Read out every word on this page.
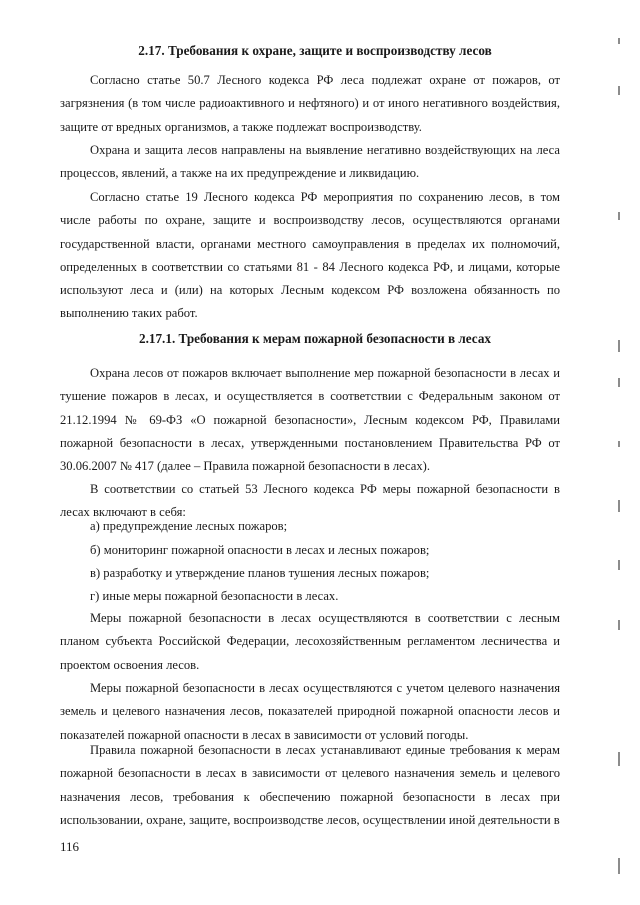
2.17. Требования к охране, защите и воспроизводству лесов

Согласно статье 50.7 Лесного кодекса РФ леса подлежат охране от пожаров, от загрязнения (в том числе радиоактивного и нефтяного) и от иного негативного воздействия, защите от вредных организмов, а также подлежат воспроизводству.

Охрана и защита лесов направлены на выявление негативно воздействующих на леса процессов, явлений, а также на их предупреждение и ликвидацию.

Согласно статье 19 Лесного кодекса РФ мероприятия по сохранению лесов, в том числе работы по охране, защите и воспроизводству лесов, осуществляются органами государственной власти, органами местного самоуправления в пределах их полномочий, определенных в соответствии со статьями 81 - 84 Лесного кодекса РФ, и лицами, которые используют леса и (или) на которых Лесным кодексом РФ возложена обязанность по выполнению таких работ.

2.17.1. Требования к мерам пожарной безопасности в лесах

Охрана лесов от пожаров включает выполнение мер пожарной безопасности в лесах и тушение пожаров в лесах, и осуществляется в соответствии с Федеральным законом от 21.12.1994 № 69-ФЗ «О пожарной безопасности», Лесным кодексом РФ, Правилами пожарной безопасности в лесах, утвержденными постановлением Правительства РФ от 30.06.2007 № 417 (далее – Правила пожарной безопасности в лесах).

В соответствии со статьей 53 Лесного кодекса РФ меры пожарной безопасности в лесах включают в себя:

а) предупреждение лесных пожаров;

б) мониторинг пожарной опасности в лесах и лесных пожаров;

в) разработку и утверждение планов тушения лесных пожаров;

г) иные меры пожарной безопасности в лесах.

Меры пожарной безопасности в лесах осуществляются в соответствии с лесным планом субъекта Российской Федерации, лесохозяйственным регламентом лесничества и проектом освоения лесов.

Меры пожарной безопасности в лесах осуществляются с учетом целевого назначения земель и целевого назначения лесов, показателей природной пожарной опасности лесов и показателей пожарной опасности в лесах в зависимости от условий погоды.

Правила пожарной безопасности в лесах устанавливают единые требования к мерам пожарной безопасности в лесах в зависимости от целевого назначения земель и целевого назначения лесов, требования к обеспечению пожарной безопасности в лесах при использовании, охране, защите, воспроизводстве лесов, осуществлении иной деятельности в

116
